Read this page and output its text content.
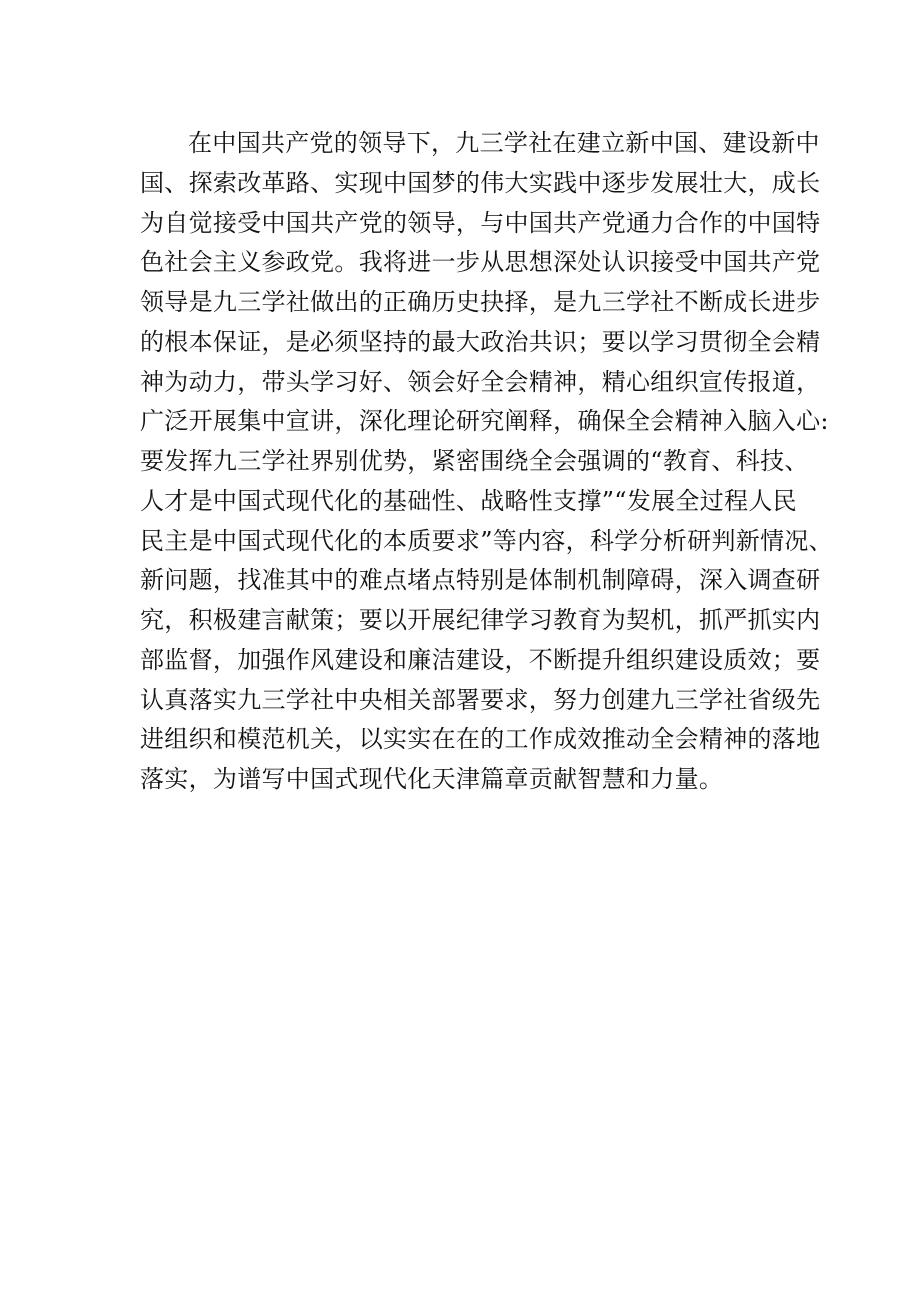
在中国共产党的领导下，九三学社在建立新中国、建设新中
国、探索改革路、实现中国梦的伟大实践中逐步发展壮大，成长
为自觉接受中国共产党的领导，与中国共产党通力合作的中国特
色社会主义参政党。我将进一步从思想深处认识接受中国共产党
领导是九三学社做出的正确历史抉择，是九三学社不断成长进步
的根本保证，是必须坚持的最大政治共识；要以学习贯彻全会精
神为动力，带头学习好、领会好全会精神，精心组织宣传报道，
广泛开展集中宣讲，深化理论研究阐释，确保全会精神入脑入心:
要发挥九三学社界别优势，紧密围绕全会强调的“教育、科技、
人才是中国式现代化的基础性、战略性支撑”“发展全过程人民
民主是中国式现代化的本质要求”等内容，科学分析研判新情况、
新问题，找准其中的难点堵点特别是体制机制障碍，深入调查研
究，积极建言献策；要以开展纪律学习教育为契机，抓严抓实内
部监督，加强作风建设和廉洁建设，不断提升组织建设质效；要
认真落实九三学社中央相关部署要求，努力创建九三学社省级先
进组织和模范机关，以实实在在的工作成效推动全会精神的落地
落实，为谱写中国式现代化天津篇章贡献智慧和力量。
